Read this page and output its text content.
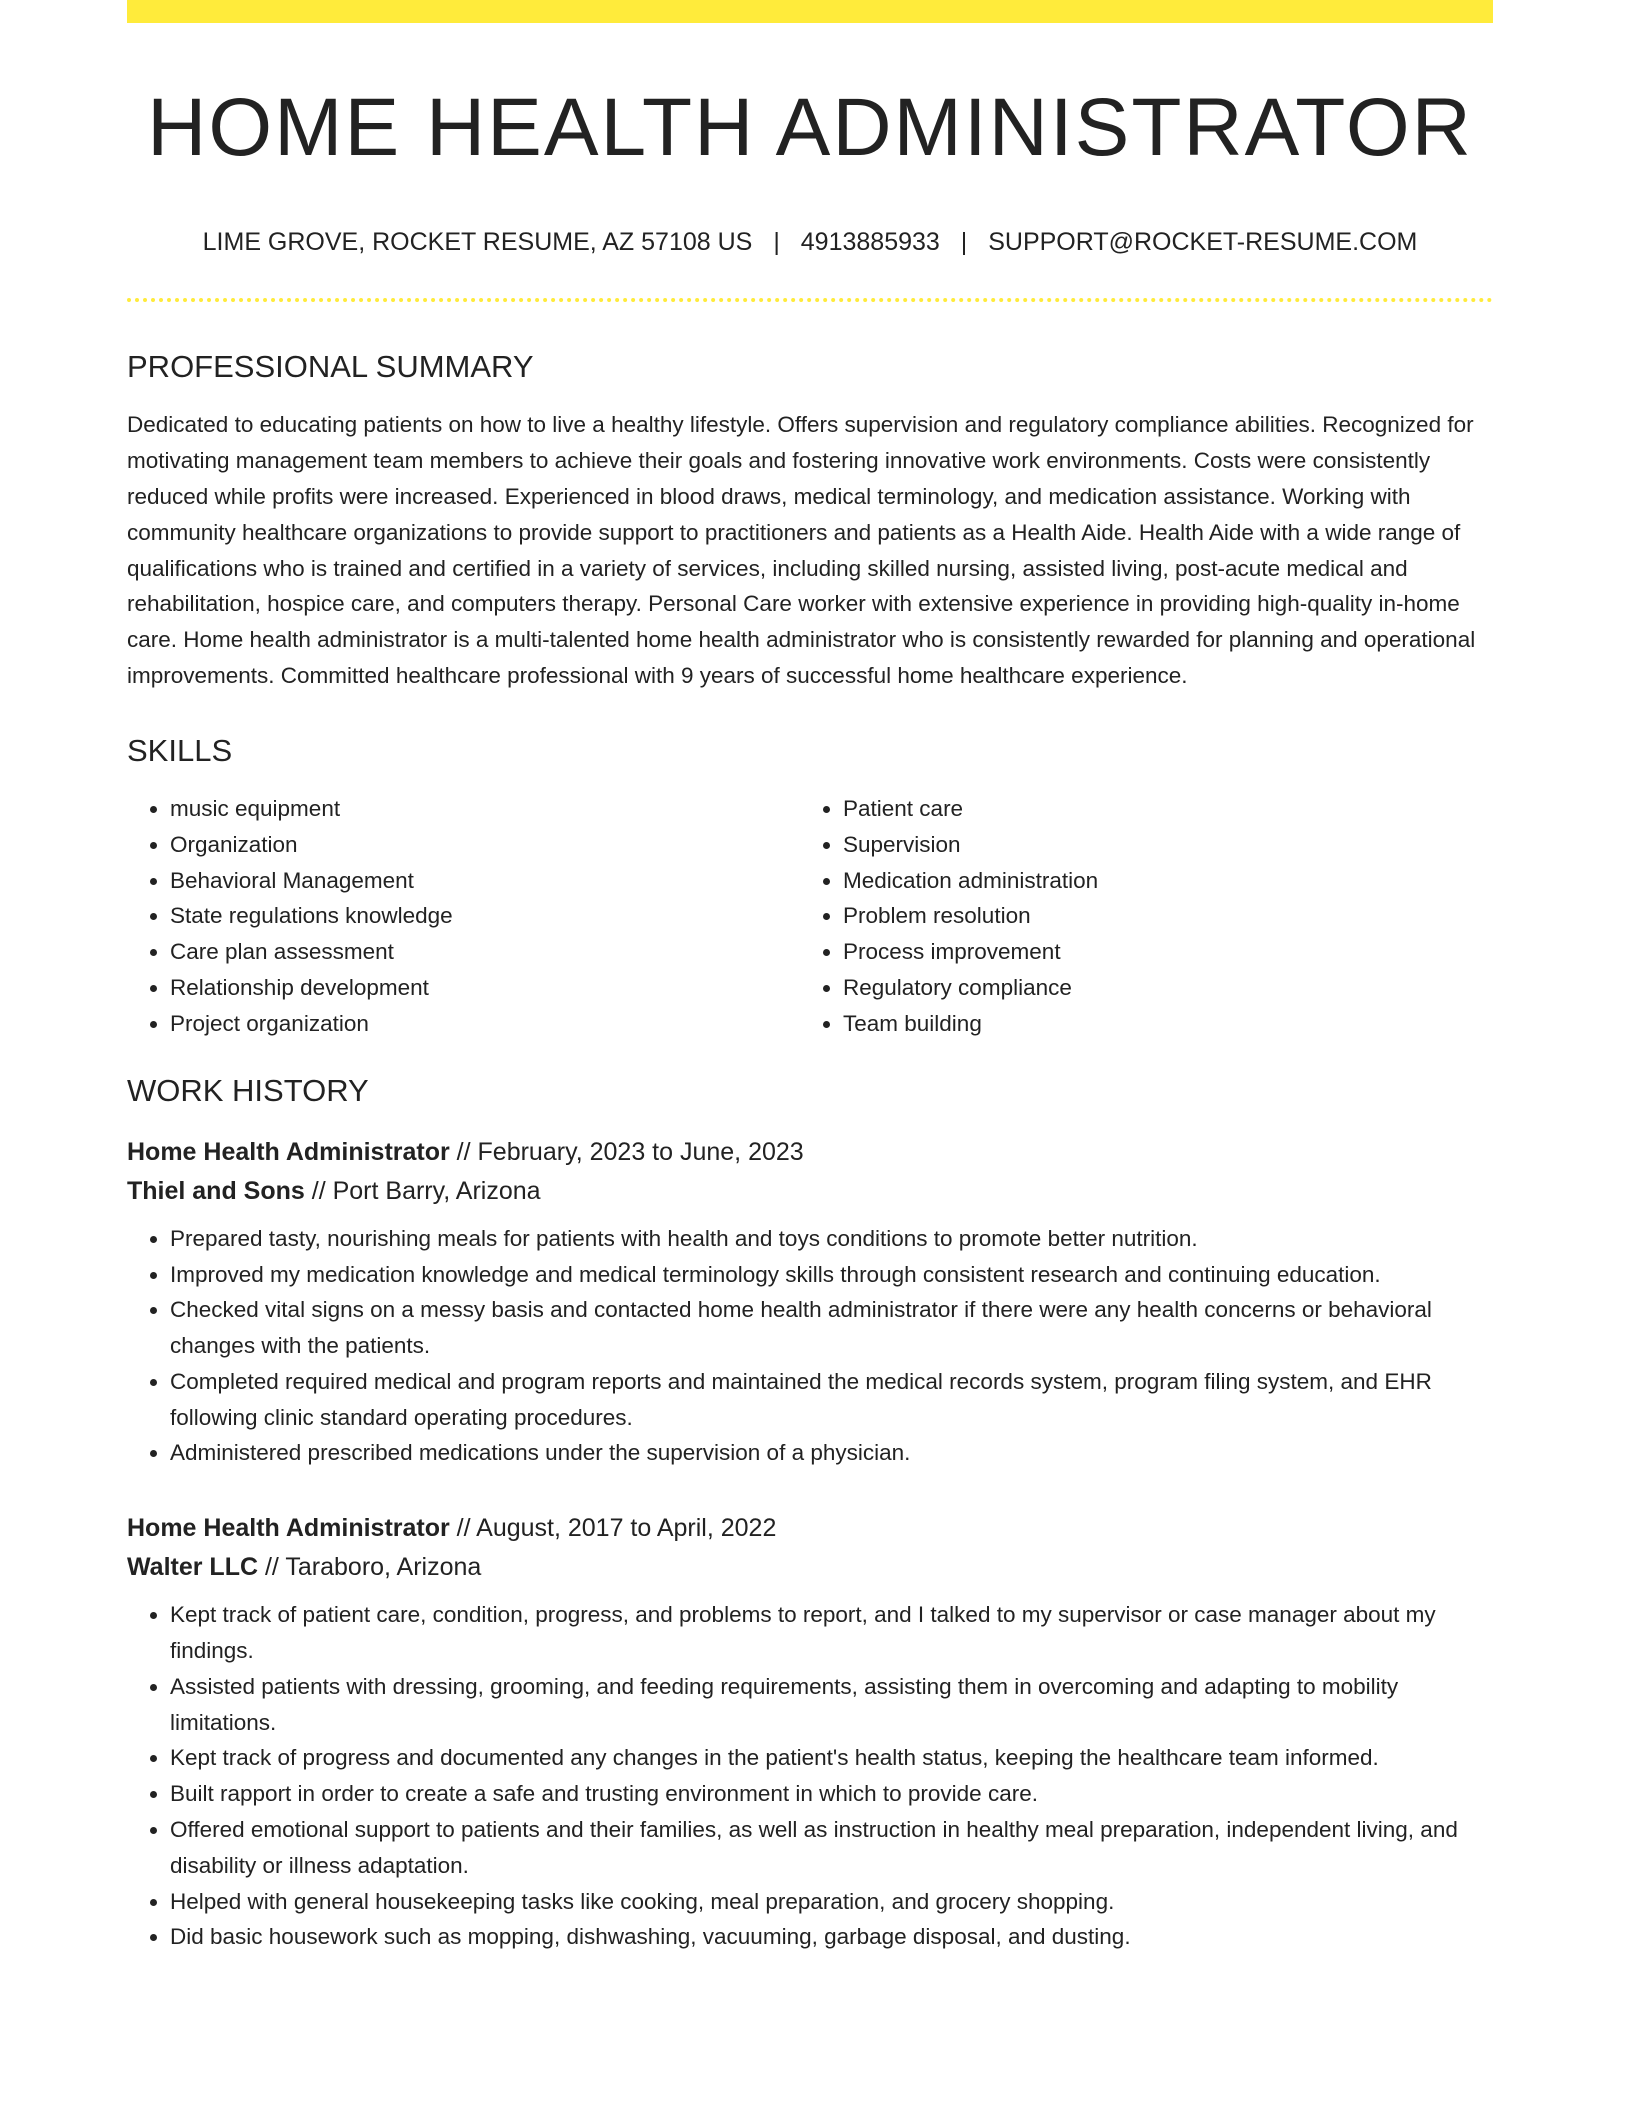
HOME HEALTH ADMINISTRATOR
LIME GROVE, ROCKET RESUME, AZ 57108 US | 4913885933 | SUPPORT@ROCKET-RESUME.COM
PROFESSIONAL SUMMARY

Dedicated to educating patients on how to live a healthy lifestyle. Offers supervision and regulatory compliance abilities. Recognized for motivating management team members to achieve their goals and fostering innovative work environments. Costs were consistently reduced while profits were increased. Experienced in blood draws, medical terminology, and medication assistance. Working with community healthcare organizations to provide support to practitioners and patients as a Health Aide. Health Aide with a wide range of qualifications who is trained and certified in a variety of services, including skilled nursing, assisted living, post-acute medical and rehabilitation, hospice care, and computers therapy. Personal Care worker with extensive experience in providing high-quality in-home care. Home health administrator is a multi-talented home health administrator who is consistently rewarded for planning and operational improvements. Committed healthcare professional with 9 years of successful home healthcare experience.

SKILLS
• music equipment
• Organization
• Behavioral Management
• State regulations knowledge
• Care plan assessment
• Relationship development
• Project organization
• Patient care
• Supervision
• Medication administration
• Problem resolution
• Process improvement
• Regulatory compliance
• Team building
WORK HISTORY
Home Health Administrator // February, 2023 to June, 2023
Thiel and Sons // Port Barry, Arizona
• Prepared tasty, nourishing meals for patients with health and toys conditions to promote better nutrition.
• Improved my medication knowledge and medical terminology skills through consistent research and continuing education.
• Checked vital signs on a messy basis and contacted home health administrator if there were any health concerns or behavioral changes with the patients.
• Completed required medical and program reports and maintained the medical records system, program filing system, and EHR following clinic standard operating procedures.
• Administered prescribed medications under the supervision of a physician.
Home Health Administrator // August, 2017 to April, 2022
Walter LLC // Taraboro, Arizona
• Kept track of patient care, condition, progress, and problems to report, and I talked to my supervisor or case manager about my findings.
• Assisted patients with dressing, grooming, and feeding requirements, assisting them in overcoming and adapting to mobility limitations.
• Kept track of progress and documented any changes in the patient's health status, keeping the healthcare team informed.
• Built rapport in order to create a safe and trusting environment in which to provide care.
• Offered emotional support to patients and their families, as well as instruction in healthy meal preparation, independent living, and disability or illness adaptation.
• Helped with general housekeeping tasks like cooking, meal preparation, and grocery shopping.
• Did basic housework such as mopping, dishwashing, vacuuming, garbage disposal, and dusting.
